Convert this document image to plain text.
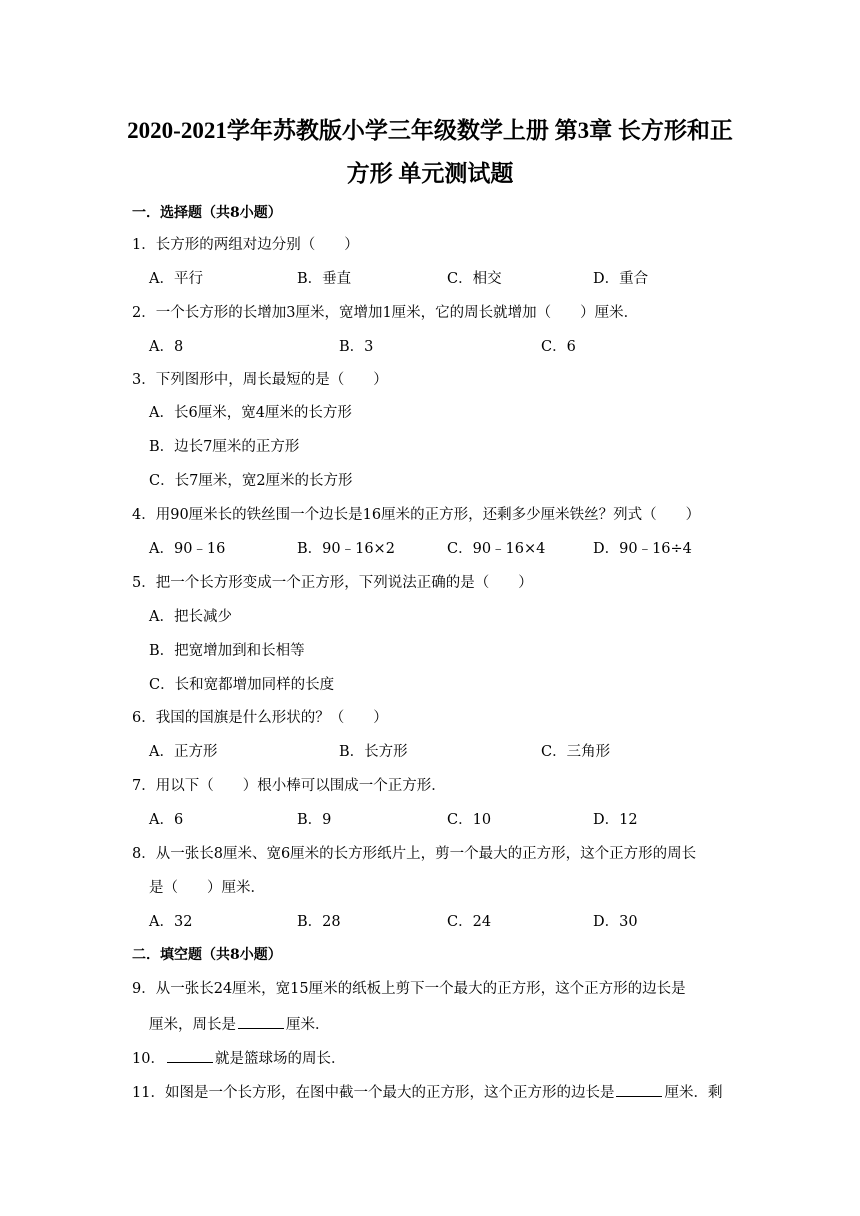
2020-2021学年苏教版小学三年级数学上册 第3章 长方形和正
方形 单元测试题
一．选择题（共8小题）
1．长方形的两组对边分别（　　）
A．平行	B．垂直	C．相交	D．重合
2．一个长方形的长增加3厘米，宽增加1厘米，它的周长就增加（　　）厘米．
A．8	B．3	C．6
3．下列图形中，周长最短的是（　　）
A．长6厘米，宽4厘米的长方形
B．边长7厘米的正方形
C．长7厘米，宽2厘米的长方形
4．用90厘米长的铁丝围一个边长是16厘米的正方形，还剩多少厘米铁丝？列式（　　）
A．90﹣16	B．90﹣16×2	C．90﹣16×4	D．90﹣16÷4
5．把一个长方形变成一个正方形，下列说法正确的是（　　）
A．把长减少
B．把宽增加到和长相等
C．长和宽都增加同样的长度
6．我国的国旗是什么形状的？（　　）
A．正方形	B．长方形	C．三角形
7．用以下（　　）根小棒可以围成一个正方形．
A．6	B．9	C．10	D．12
8．从一张长8厘米、宽6厘米的长方形纸片上，剪一个最大的正方形，这个正方形的周长
是（　　）厘米．
A．32	B．28	C．24	D．30
二．填空题（共8小题）
9．从一张长24厘米，宽15厘米的纸板上剪下一个最大的正方形，这个正方形的边长是
厘米，周长是	厘米．
10．	就是篮球场的周长．
11．如图是一个长方形，在图中截一个最大的正方形，这个正方形的边长是	厘米．剩
